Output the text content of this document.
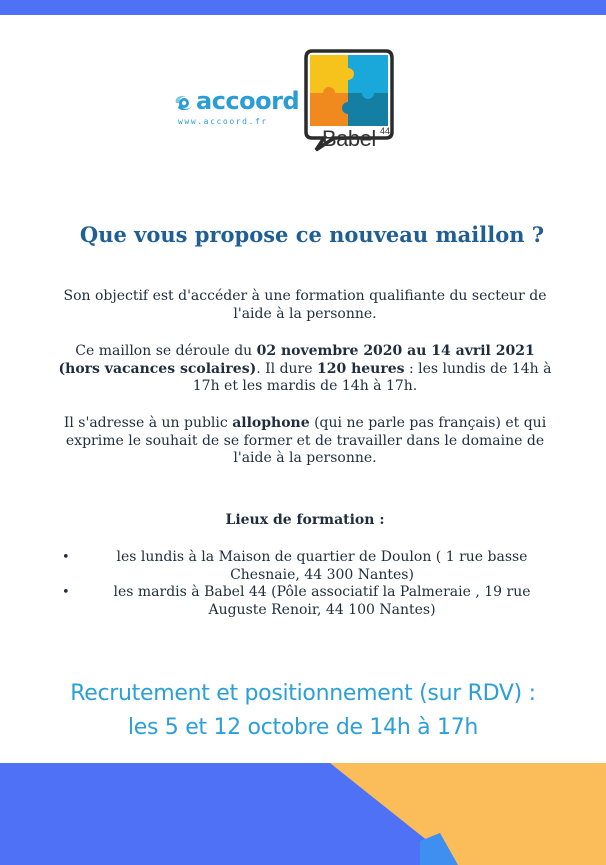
accoord
www.accoord.fr
Babel 44
Que vous propose ce nouveau maillon ?

Son objectif est d'accéder à une formation qualifiante du secteur de l'aide à la personne.

Ce maillon se déroule du 02 novembre 2020 au 14 avril 2021 (hors vacances scolaires). Il dure 120 heures : les lundis de 14h à 17h et les mardis de 14h à 17h.

Il s'adresse à un public allophone (qui ne parle pas français) et qui exprime le souhait de se former et de travailler dans le domaine de l'aide à la personne.

Lieux de formation :

• les lundis à la Maison de quartier de Doulon ( 1 rue basse Chesnaie, 44 300 Nantes)
• les mardis à Babel 44 (Pôle associatif la Palmeraie , 19 rue Auguste Renoir, 44 100 Nantes)

Recrutement et positionnement (sur RDV) :
les 5 et 12 octobre de 14h à 17h
